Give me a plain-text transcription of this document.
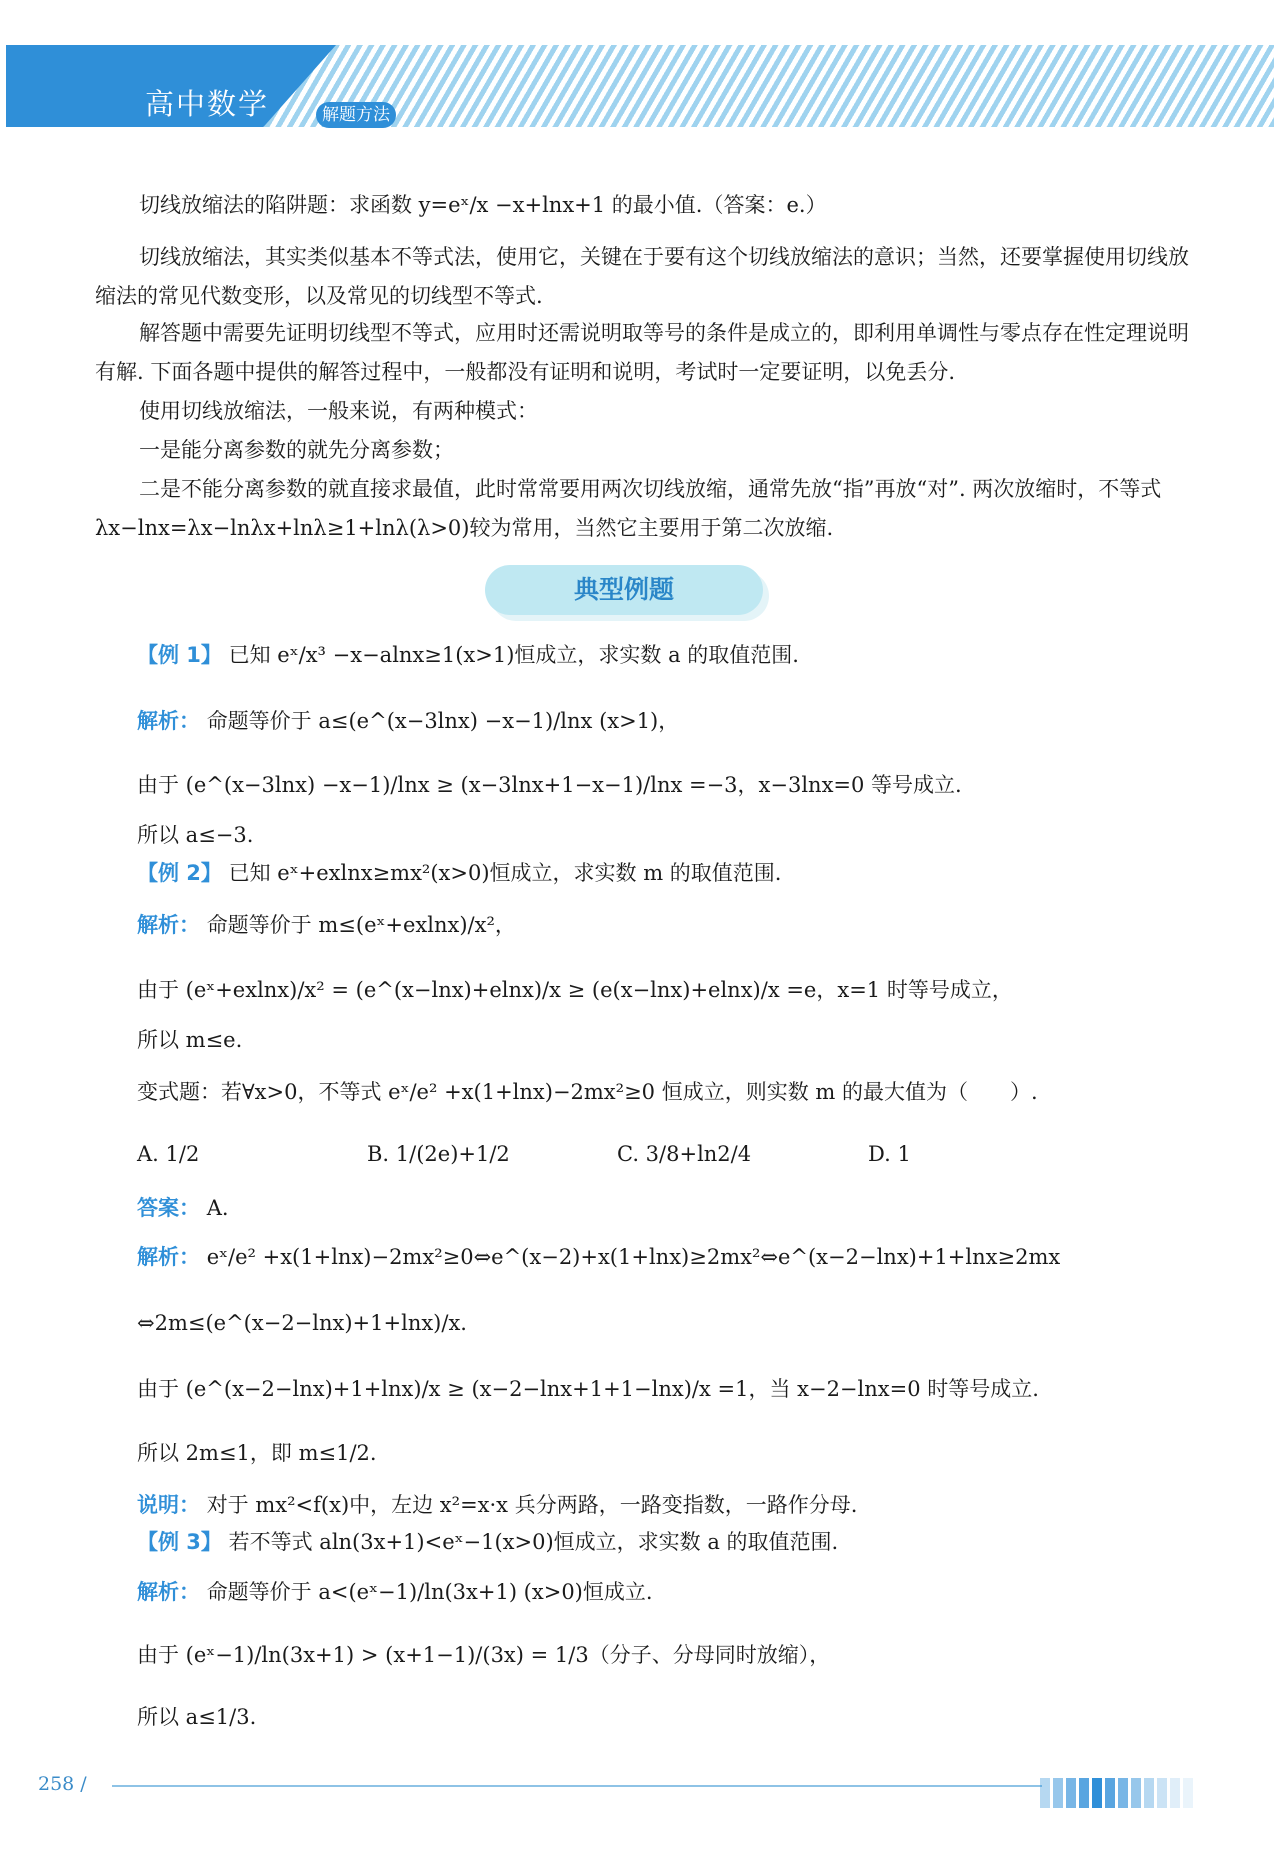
高中数学	解题方法
切线放缩法的陷阱题：求函数 y=eˣ/x −x+lnx+1 的最小值.（答案：e.）
切线放缩法，其实类似基本不等式法，使用它，关键在于要有这个切线放缩法的意识；当然，还要掌握使用切线放缩法的常见代数变形，以及常见的切线型不等式.
解答题中需要先证明切线型不等式，应用时还需说明取等号的条件是成立的，即利用单调性与零点存在性定理说明有解. 下面各题中提供的解答过程中，一般都没有证明和说明，考试时一定要证明，以免丢分.
使用切线放缩法，一般来说，有两种模式：
一是能分离参数的就先分离参数；
二是不能分离参数的就直接求最值，此时常常要用两次切线放缩，通常先放“指”再放“对”. 两次放缩时，不等式 λx−lnx=λx−lnλx+lnλ≥1+lnλ(λ>0)较为常用，当然它主要用于第二次放缩.
典型例题
【例 1】 已知 eˣ/x³ −x−alnx≥1(x>1)恒成立，求实数 a 的取值范围.
解析： 命题等价于 a≤(e^(x−3lnx) −x−1)/lnx (x>1)，
由于 (e^(x−3lnx) −x−1)/lnx ≥ (x−3lnx+1−x−1)/lnx =−3，x−3lnx=0 等号成立.
所以 a≤−3.
【例 2】 已知 eˣ+exlnx≥mx²(x>0)恒成立，求实数 m 的取值范围.
解析： 命题等价于 m≤(eˣ+exlnx)/x²，
由于 (eˣ+exlnx)/x² = (e^(x−lnx)+elnx)/x ≥ (e(x−lnx)+elnx)/x =e，x=1 时等号成立，
所以 m≤e.
变式题：若∀x>0，不等式 eˣ/e² +x(1+lnx)−2mx²≥0 恒成立，则实数 m 的最大值为（　　）.
A. 1/2	B. 1/(2e)+1/2	C. 3/8+ln2/4	D. 1
答案： A.
解析： eˣ/e² +x(1+lnx)−2mx²≥0⇔e^(x−2)+x(1+lnx)≥2mx²⇔e^(x−2−lnx)+1+lnx≥2mx
⇔2m≤(e^(x−2−lnx)+1+lnx)/x.
由于 (e^(x−2−lnx)+1+lnx)/x ≥ (x−2−lnx+1+1−lnx)/x =1，当 x−2−lnx=0 时等号成立.
所以 2m≤1，即 m≤1/2.
说明： 对于 mx²<f(x)中，左边 x²=x·x 兵分两路，一路变指数，一路作分母.
【例 3】 若不等式 aln(3x+1)<eˣ−1(x>0)恒成立，求实数 a 的取值范围.
解析： 命题等价于 a<(eˣ−1)/ln(3x+1) (x>0)恒成立.
由于 (eˣ−1)/ln(3x+1) > (x+1−1)/(3x) = 1/3（分子、分母同时放缩），
所以 a≤1/3.
258 /
